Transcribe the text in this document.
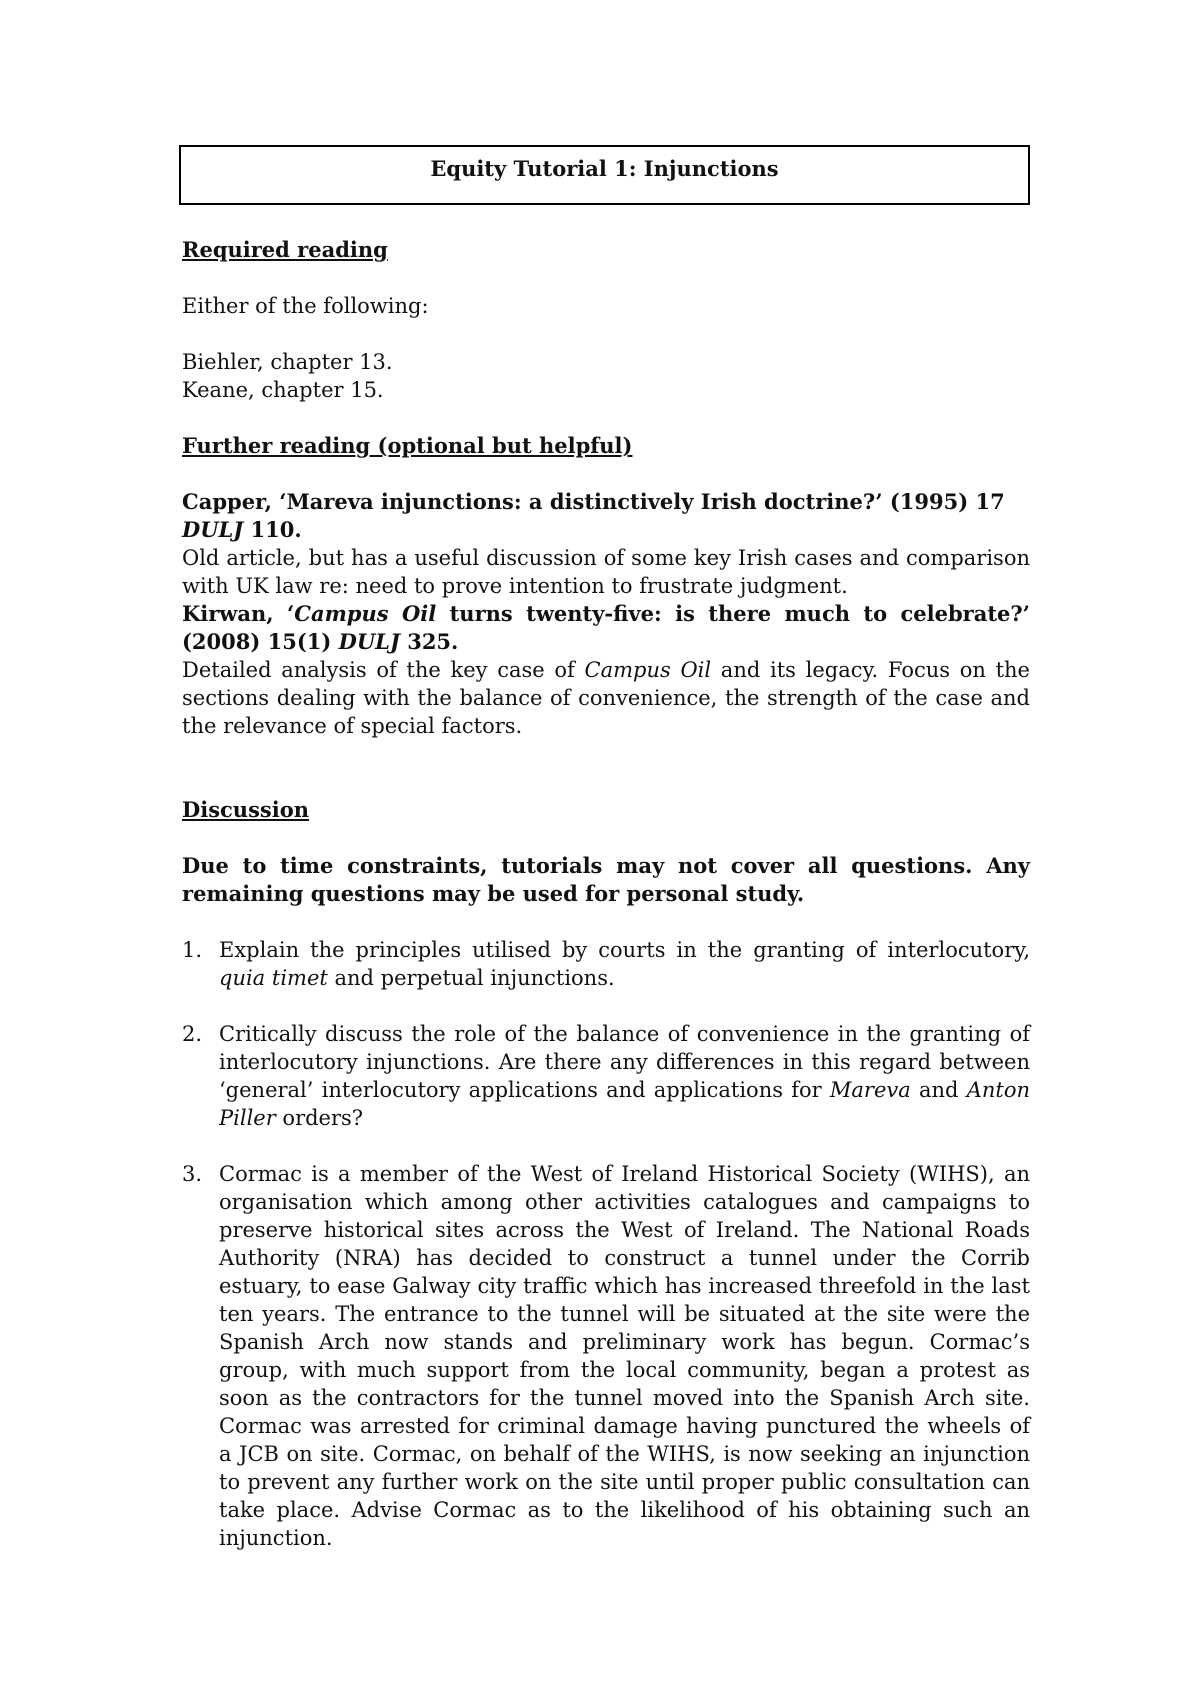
Equity Tutorial 1: Injunctions

Required reading

Either of the following:

Biehler, chapter 13.

Keane, chapter 15.

Further reading (optional but helpful)

Capper, ‘Mareva injunctions: a distinctively Irish doctrine?’ (1995) 17 DULJ 110.

Old article, but has a useful discussion of some key Irish cases and comparison with UK law re: need to prove intention to frustrate judgment.

Kirwan, ‘Campus Oil turns twenty-five: is there much to celebrate?’ (2008) 15(1) DULJ 325.

Detailed analysis of the key case of Campus Oil and its legacy. Focus on the sections dealing with the balance of convenience, the strength of the case and the relevance of special factors.

Discussion

Due to time constraints, tutorials may not cover all questions. Any remaining questions may be used for personal study.

1. Explain the principles utilised by courts in the granting of interlocutory, quia timet and perpetual injunctions.

2. Critically discuss the role of the balance of convenience in the granting of interlocutory injunctions. Are there any differences in this regard between ‘general’ interlocutory applications and applications for Mareva and Anton Piller orders?

3. Cormac is a member of the West of Ireland Historical Society (WIHS), an organisation which among other activities catalogues and campaigns to preserve historical sites across the West of Ireland. The National Roads Authority (NRA) has decided to construct a tunnel under the Corrib estuary, to ease Galway city traffic which has increased threefold in the last ten years. The entrance to the tunnel will be situated at the site were the Spanish Arch now stands and preliminary work has begun. Cormac’s group, with much support from the local community, began a protest as soon as the contractors for the tunnel moved into the Spanish Arch site. Cormac was arrested for criminal damage having punctured the wheels of a JCB on site. Cormac, on behalf of the WIHS, is now seeking an injunction to prevent any further work on the site until proper public consultation can take place. Advise Cormac as to the likelihood of his obtaining such an injunction.
